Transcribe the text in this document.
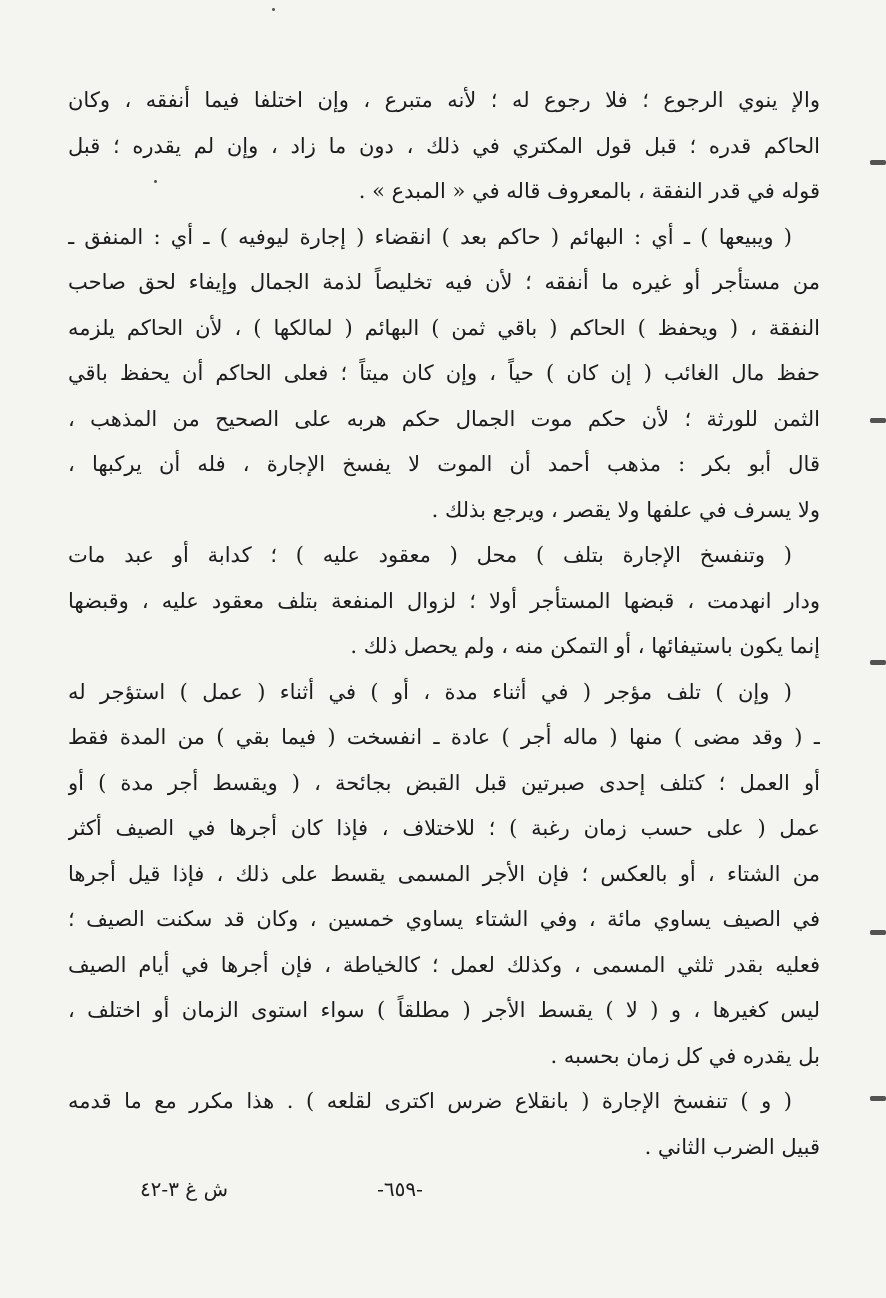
والإ ينوي الرجوع ؛ فلا رجوع له ؛ لأنه متبرع ، وإن اختلفا فيما أنفقه ، وكان
الحاكم قدره ؛ قبل قول المكتري في ذلك ، دون ما زاد ، وإن لم يقدره ؛ قبل
قوله في قدر النفقة ، بالمعروف قاله في « المبدع » .
( ويبيعها ) ـ أي : البهائم ( حاكم بعد ) انقضاء ( إجارة ليوفيه ) ـ أي : المنفق ـ
من مستأجر أو غيره ما أنفقه ؛ لأن فيه تخليصاً لذمة الجمال وإيفاء لحق صاحب
النفقة ، ( ويحفظ ) الحاكم ( باقي ثمن ) البهائم ( لمالكها ) ، لأن الحاكم يلزمه
حفظ مال الغائب ( إن كان ) حياً ، وإن كان ميتاً ؛ فعلى الحاكم أن يحفظ باقي
الثمن للورثة ؛ لأن حكم موت الجمال حكم هربه على الصحيح من المذهب ،
قال أبو بكر : مذهب أحمد أن الموت لا يفسخ الإجارة ، فله أن يركبها ،
ولا يسرف في علفها ولا يقصر ، ويرجع بذلك .
( وتنفسخ الإجارة بتلف ) محل ( معقود عليه ) ؛ كدابة أو عبد مات
ودار انهدمت ، قبضها المستأجر أولا ؛ لزوال المنفعة بتلف معقود عليه ، وقبضها
إنما يكون باستيفائها ، أو التمكن منه ، ولم يحصل ذلك .
( وإن ) تلف مؤجر ( في أثناء مدة ، أو ) في أثناء ( عمل ) استؤجر له
ـ ( وقد مضى ) منها ( ماله أجر ) عادة ـ انفسخت ( فيما بقي ) من المدة فقط
أو العمل ؛ كتلف إحدى صبرتين قبل القبض بجائحة ، ( ويقسط أجر مدة ) أو
عمل ( على حسب زمان رغبة ) ؛ للاختلاف ، فإذا كان أجرها في الصيف أكثر
من الشتاء ، أو بالعكس ؛ فإن الأجر المسمى يقسط على ذلك ، فإذا قيل أجرها
في الصيف يساوي مائة ، وفي الشتاء يساوي خمسين ، وكان قد سكنت الصيف ؛
فعليه بقدر ثلثي المسمى ، وكذلك لعمل ؛ كالخياطة ، فإن أجرها في أيام الصيف
ليس كغيرها ، و ( لا ) يقسط الأجر ( مطلقاً ) سواء استوى الزمان أو اختلف ،
بل يقدره في كل زمان بحسبه .
( و ) تنفسخ الإجارة ( بانقلاع ضرس اكترى لقلعه ) . هذا مكرر مع ما قدمه
قبيل الضرب الثاني .
-٦٥٩-
ش غ ٣-٤٢
